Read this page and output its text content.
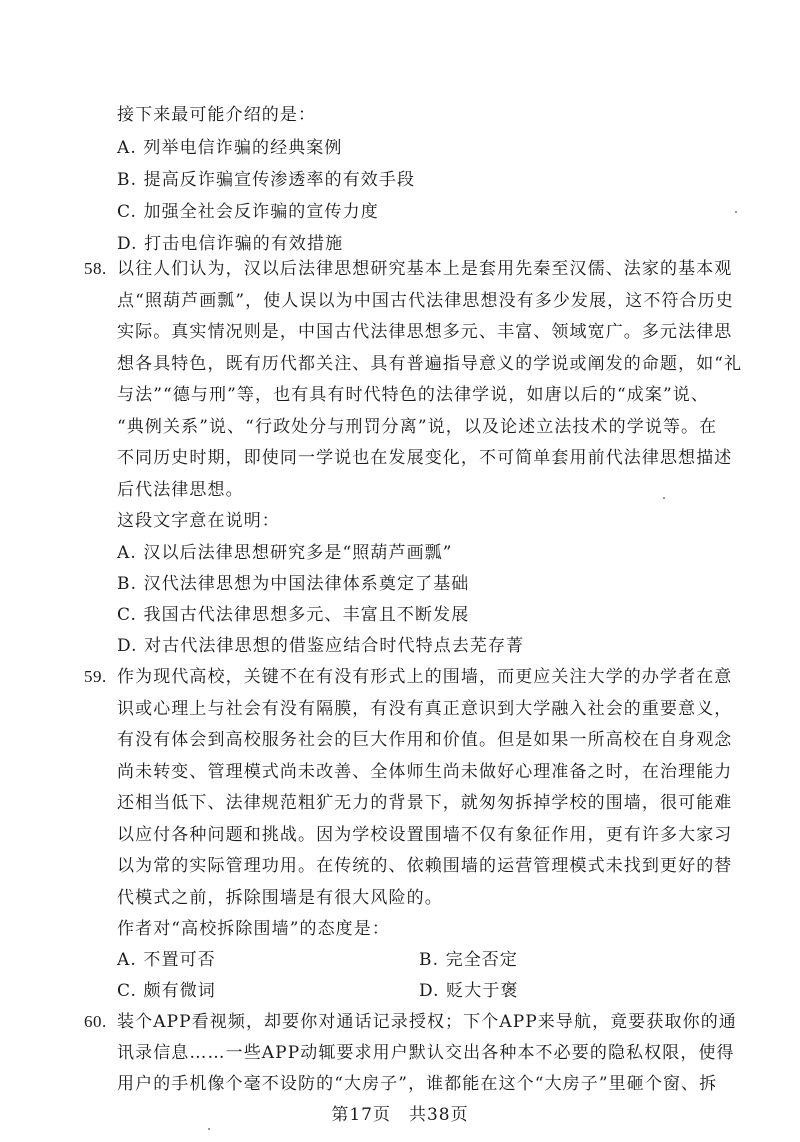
接下来最可能介绍的是：
A. 列举电信诈骗的经典案例
B. 提高反诈骗宣传渗透率的有效手段
C. 加强全社会反诈骗的宣传力度
D. 打击电信诈骗的有效措施
58. 以往人们认为，汉以后法律思想研究基本上是套用先秦至汉儒、法家的基本观
点“照葫芦画瓢”，使人误以为中国古代法律思想没有多少发展，这不符合历史
实际。真实情况则是，中国古代法律思想多元、丰富、领域宽广。多元法律思
想各具特色，既有历代都关注、具有普遍指导意义的学说或阐发的命题，如“礼
与法”“德与刑”等，也有具有时代特色的法律学说，如唐以后的“成案”说、
“典例关系”说、“行政处分与刑罚分离”说，以及论述立法技术的学说等。在
不同历史时期，即使同一学说也在发展变化，不可简单套用前代法律思想描述
后代法律思想。
这段文字意在说明：
A. 汉以后法律思想研究多是“照葫芦画瓢”
B. 汉代法律思想为中国法律体系奠定了基础
C. 我国古代法律思想多元、丰富且不断发展
D. 对古代法律思想的借鉴应结合时代特点去芜存菁
59. 作为现代高校，关键不在有没有形式上的围墙，而更应关注大学的办学者在意
识或心理上与社会有没有隔膜，有没有真正意识到大学融入社会的重要意义，
有没有体会到高校服务社会的巨大作用和价值。但是如果一所高校在自身观念
尚未转变、管理模式尚未改善、全体师生尚未做好心理准备之时，在治理能力
还相当低下、法律规范粗犷无力的背景下，就匆匆拆掉学校的围墙，很可能难
以应付各种问题和挑战。因为学校设置围墙不仅有象征作用，更有许多大家习
以为常的实际管理功用。在传统的、依赖围墙的运营管理模式未找到更好的替
代模式之前，拆除围墙是有很大风险的。
作者对“高校拆除围墙”的态度是：
A. 不置可否	B. 完全否定
C. 颇有微词	D. 贬大于褒
60. 装个APP看视频，却要你对通话记录授权；下个APP来导航，竟要获取你的通
第17页　共38页
讯录信息……一些APP动辄要求用户默认交出各种本不必要的隐私权限，使得
用户的手机像个毫不设防的“大房子”，谁都能在这个“大房子”里砸个窗、拆
